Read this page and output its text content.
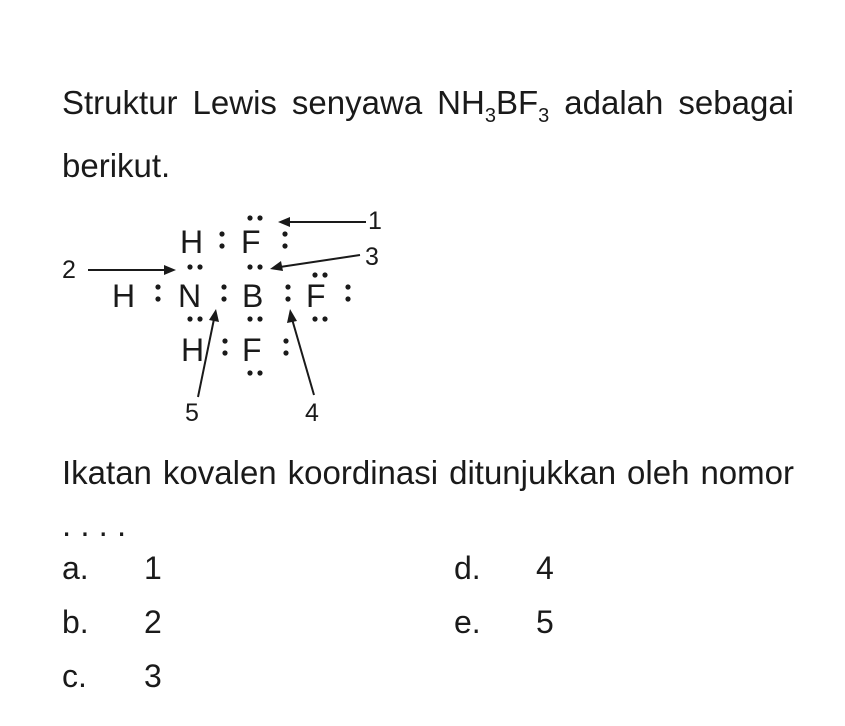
Struktur Lewis senyawa $NH_3BF_3$ adalah sebagai berikut.
H F
H N B F
H F
1
2	3
4
5
Ikatan kovalen koordinasi ditunjukkan oleh nomor . . . .
a. 1
b. 2
c. 3
d. 4
e. 5
